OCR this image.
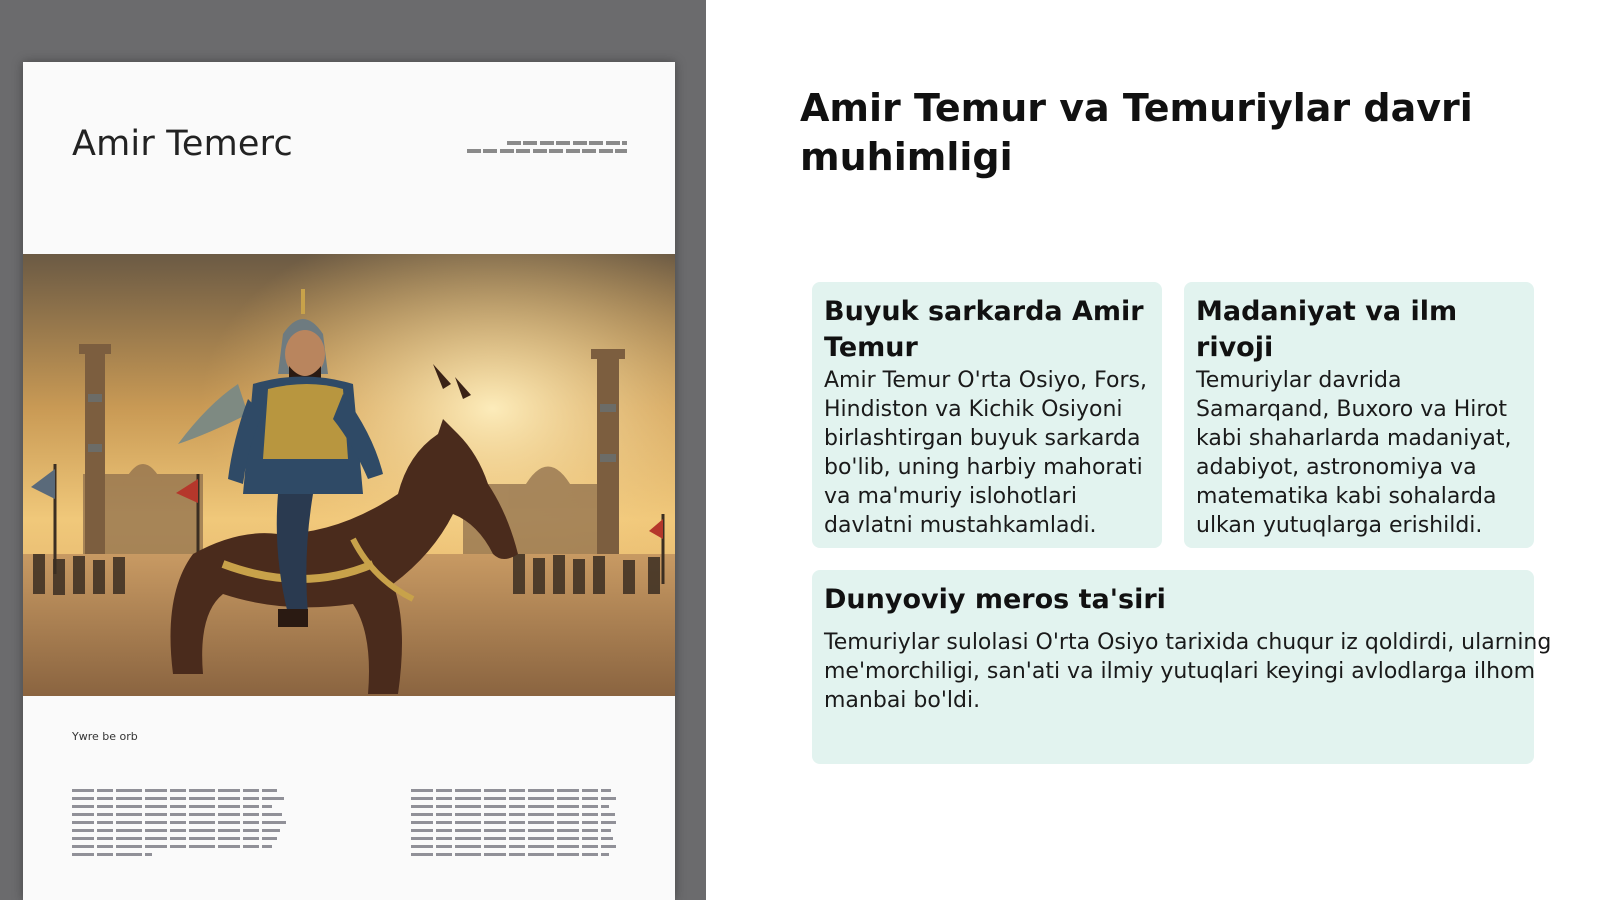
Amir Temerc
Ywre be orb
Amir Temur va Temuriylar davri muhimligi
Buyuk sarkarda Amir Temur

Amir Temur O'rta Osiyo, Fors, Hindiston va Kichik Osiyoni birlashtirgan buyuk sarkarda bo'lib, uning harbiy mahorati va ma'muriy islohotlari davlatni mustahkamladi.

Madaniyat va ilm rivoji

Temuriylar davrida Samarqand, Buxoro va Hirot kabi shaharlarda madaniyat, adabiyot, astronomiya va matematika kabi sohalarda ulkan yutuqlarga erishildi.

Dunyoviy meros ta'siri

Temuriylar sulolasi O'rta Osiyo tarixida chuqur iz qoldirdi, ularning me'morchiligi, san'ati va ilmiy yutuqlari keyingi avlodlarga ilhom manbai bo'ldi.
